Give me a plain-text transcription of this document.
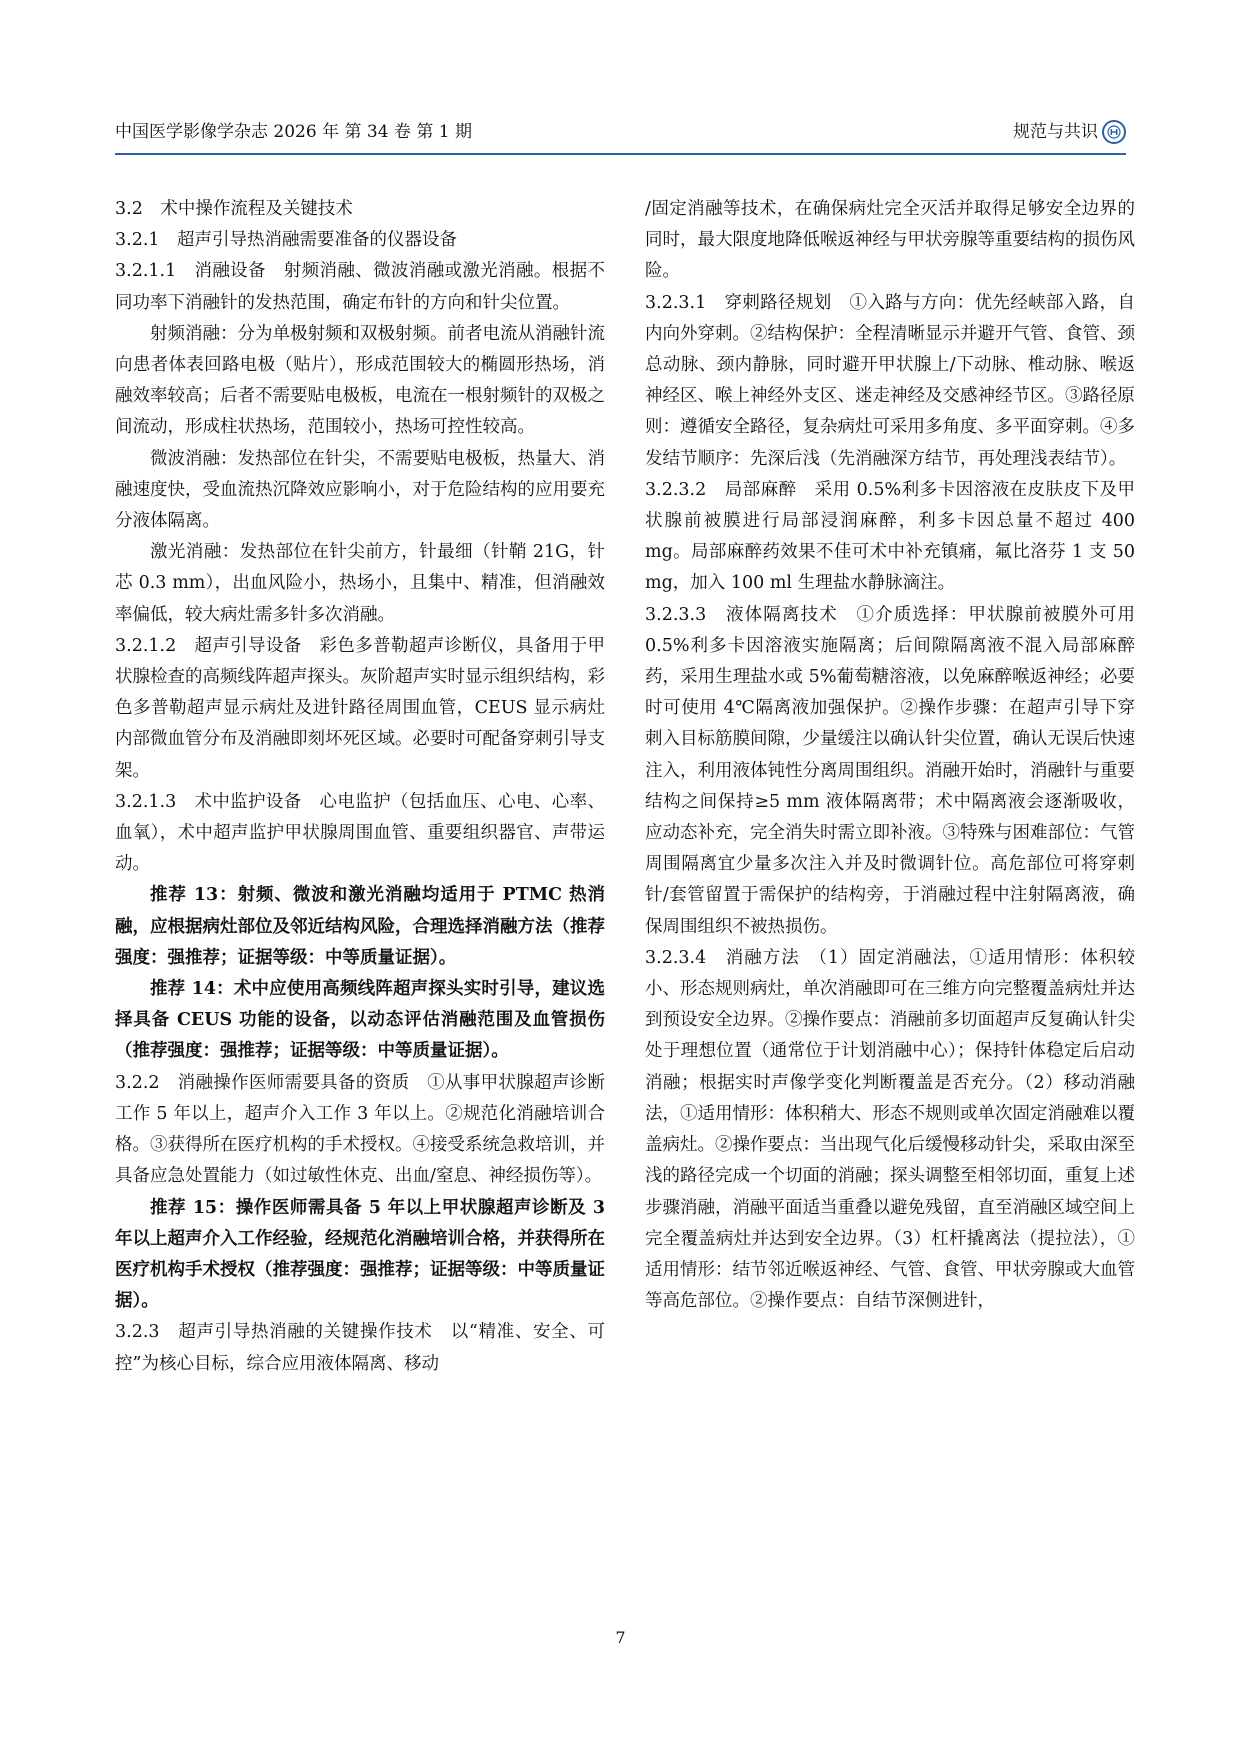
中国医学影像学杂志 2026 年 第 34 卷 第 1 期	规范与共识

3.2　术中操作流程及关键技术

3.2.1　超声引导热消融需要准备的仪器设备

3.2.1.1　消融设备　射频消融、微波消融或激光消融。根据不同功率下消融针的发热范围，确定布针的方向和针尖位置。

射频消融：分为单极射频和双极射频。前者电流从消融针流向患者体表回路电极（贴片），形成范围较大的椭圆形热场，消融效率较高；后者不需要贴电极板，电流在一根射频针的双极之间流动，形成柱状热场，范围较小，热场可控性较高。

微波消融：发热部位在针尖，不需要贴电极板，热量大、消融速度快，受血流热沉降效应影响小，对于危险结构的应用要充分液体隔离。

激光消融：发热部位在针尖前方，针最细（针鞘 21G，针芯 0.3 mm），出血风险小，热场小，且集中、精准，但消融效率偏低，较大病灶需多针多次消融。

3.2.1.2　超声引导设备　彩色多普勒超声诊断仪，具备用于甲状腺检查的高频线阵超声探头。灰阶超声实时显示组织结构，彩色多普勒超声显示病灶及进针路径周围血管，CEUS 显示病灶内部微血管分布及消融即刻坏死区域。必要时可配备穿刺引导支架。

3.2.1.3　术中监护设备　心电监护（包括血压、心电、心率、血氧），术中超声监护甲状腺周围血管、重要组织器官、声带运动。

推荐 13：射频、微波和激光消融均适用于 PTMC 热消融，应根据病灶部位及邻近结构风险，合理选择消融方法（推荐强度：强推荐；证据等级：中等质量证据）。

推荐 14：术中应使用高频线阵超声探头实时引导，建议选择具备 CEUS 功能的设备，以动态评估消融范围及血管损伤（推荐强度：强推荐；证据等级：中等质量证据）。

3.2.2　消融操作医师需要具备的资质　①从事甲状腺超声诊断工作 5 年以上，超声介入工作 3 年以上。②规范化消融培训合格。③获得所在医疗机构的手术授权。④接受系统急救培训，并具备应急处置能力（如过敏性休克、出血/窒息、神经损伤等）。

推荐 15：操作医师需具备 5 年以上甲状腺超声诊断及 3 年以上超声介入工作经验，经规范化消融培训合格，并获得所在医疗机构手术授权（推荐强度：强推荐；证据等级：中等质量证据）。

3.2.3　超声引导热消融的关键操作技术　以“精准、安全、可控”为核心目标，综合应用液体隔离、移动

/固定消融等技术，在确保病灶完全灭活并取得足够安全边界的同时，最大限度地降低喉返神经与甲状旁腺等重要结构的损伤风险。

3.2.3.1　穿刺路径规划　①入路与方向：优先经峡部入路，自内向外穿刺。②结构保护：全程清晰显示并避开气管、食管、颈总动脉、颈内静脉，同时避开甲状腺上/下动脉、椎动脉、喉返神经区、喉上神经外支区、迷走神经及交感神经节区。③路径原则：遵循安全路径，复杂病灶可采用多角度、多平面穿刺。④多发结节顺序：先深后浅（先消融深方结节，再处理浅表结节）。

3.2.3.2　局部麻醉　采用 0.5%利多卡因溶液在皮肤皮下及甲状腺前被膜进行局部浸润麻醉，利多卡因总量不超过 400 mg。局部麻醉药效果不佳可术中补充镇痛，氟比洛芬 1 支 50 mg，加入 100 ml 生理盐水静脉滴注。

3.2.3.3　液体隔离技术　①介质选择：甲状腺前被膜外可用 0.5%利多卡因溶液实施隔离；后间隙隔离液不混入局部麻醉药，采用生理盐水或 5%葡萄糖溶液，以免麻醉喉返神经；必要时可使用 4℃隔离液加强保护。②操作步骤：在超声引导下穿刺入目标筋膜间隙，少量缓注以确认针尖位置，确认无误后快速注入，利用液体钝性分离周围组织。消融开始时，消融针与重要结构之间保持≥5 mm 液体隔离带；术中隔离液会逐渐吸收，应动态补充，完全消失时需立即补液。③特殊与困难部位：气管周围隔离宜少量多次注入并及时微调针位。高危部位可将穿刺针/套管留置于需保护的结构旁，于消融过程中注射隔离液，确保周围组织不被热损伤。

3.2.3.4　消融方法　（1）固定消融法，①适用情形：体积较小、形态规则病灶，单次消融即可在三维方向完整覆盖病灶并达到预设安全边界。②操作要点：消融前多切面超声反复确认针尖处于理想位置（通常位于计划消融中心）；保持针体稳定后启动消融；根据实时声像学变化判断覆盖是否充分。（2）移动消融法，①适用情形：体积稍大、形态不规则或单次固定消融难以覆盖病灶。②操作要点：当出现气化后缓慢移动针尖，采取由深至浅的路径完成一个切面的消融；探头调整至相邻切面，重复上述步骤消融，消融平面适当重叠以避免残留，直至消融区域空间上完全覆盖病灶并达到安全边界。（3）杠杆撬离法（提拉法），①适用情形：结节邻近喉返神经、气管、食管、甲状旁腺或大血管等高危部位。②操作要点：自结节深侧进针，

7
